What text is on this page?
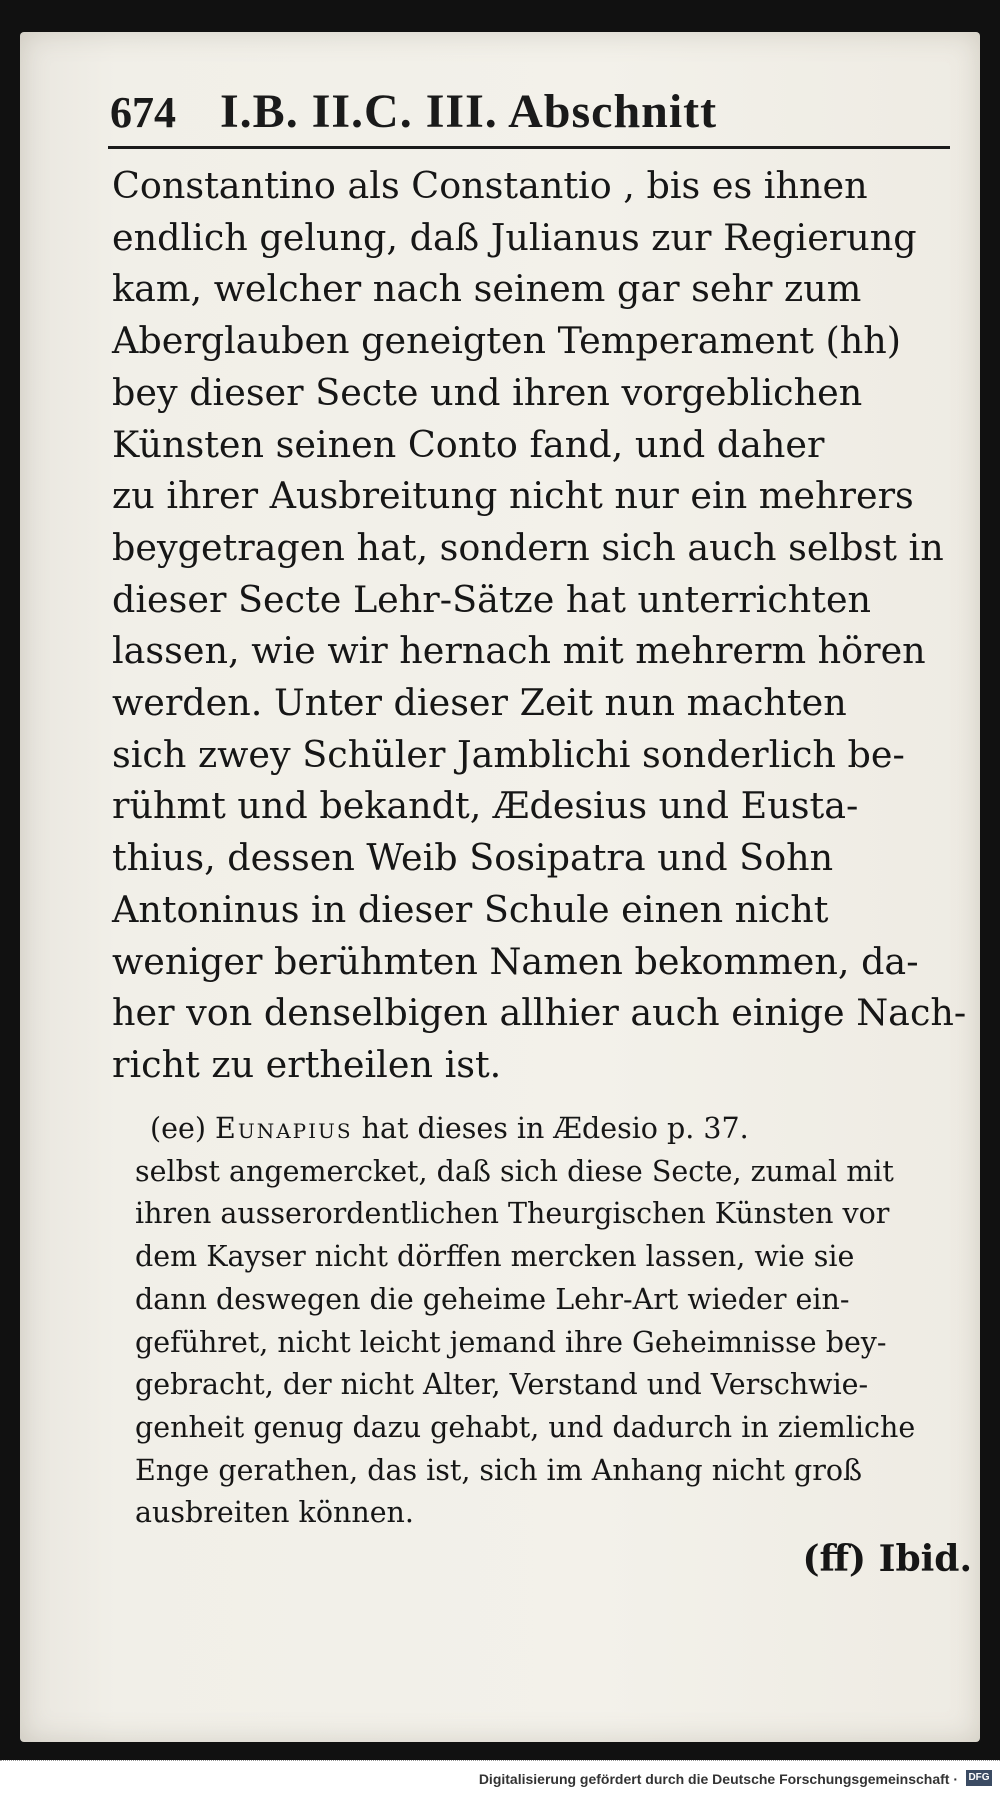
674 I.B. II.C. III. Abschnitt
Constantino als Constantio , bis es ihnen
endlich gelung, daß Julianus zur Regierung
kam, welcher nach seinem gar sehr zum
Aberglauben geneigten Temperament (hh)
bey dieser Secte und ihren vorgeblichen
Künsten seinen Conto fand, und daher
zu ihrer Ausbreitung nicht nur ein mehrers
beygetragen hat, sondern sich auch selbst in
dieser Secte Lehr-Sätze hat unterrichten
lassen, wie wir hernach mit mehrerm hören
werden. Unter dieser Zeit nun machten
sich zwey Schüler Jamblichi sonderlich be-
rühmt und bekandt, Ædesius und Eusta-
thius, dessen Weib Sosipatra und Sohn
Antoninus in dieser Schule einen nicht
weniger berühmten Namen bekommen, da-
her von denselbigen allhier auch einige Nach-
richt zu ertheilen ist.
(ee) Eunapius hat dieses in Ædesio p. 37.
selbst angemercket, daß sich diese Secte, zumal mit
ihren ausserordentlichen Theurgischen Künsten vor
dem Kayser nicht dörffen mercken lassen, wie sie
dann deswegen die geheime Lehr-Art wieder ein-
geführet, nicht leicht jemand ihre Geheimnisse bey-
gebracht, der nicht Alter, Verstand und Verschwie-
genheit genug dazu gehabt, und dadurch in ziemliche
Enge gerathen, das ist, sich im Anhang nicht groß
ausbreiten können.
(ff) Ibid.
Digitalisierung gefördert durch die Deutsche Forschungsgemeinschaft · DFG
